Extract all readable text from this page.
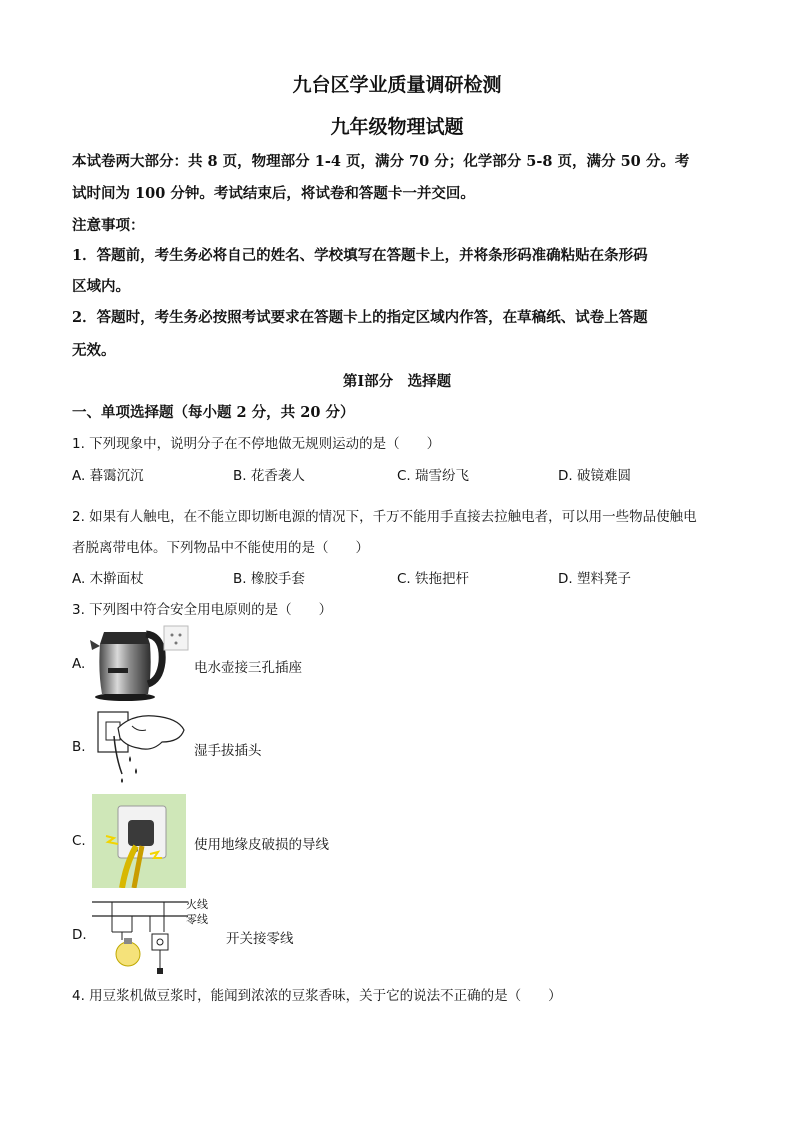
九台区学业质量调研检测
九年级物理试题
本试卷两大部分：共 8 页，物理部分 1-4 页，满分 70 分；化学部分 5-8 页，满分 50 分。考
试时间为 100 分钟。考试结束后，将试卷和答题卡一并交回。
注意事项：
1．答题前，考生务必将自己的姓名、学校填写在答题卡上，并将条形码准确粘贴在条形码
区域内。
2．答题时，考生务必按照考试要求在答题卡上的指定区域内作答，在草稿纸、试卷上答题
无效。
第Ⅰ部分　选择题
一、单项选择题（每小题 2 分，共 20 分）
1. 下列现象中，说明分子在不停地做无规则运动的是（　　）
A. 暮霭沉沉	B. 花香袭人	C. 瑞雪纷飞	D. 破镜难圆
2. 如果有人触电，在不能立即切断电源的情况下，千万不能用手直接去拉触电者，可以用一些物品使触电
者脱离带电体。下列物品中不能使用的是（　　）
A. 木擀面杖	B. 橡胶手套	C. 铁拖把杆	D. 塑料凳子
3. 下列图中符合安全用电原则的是（　　）
A.	电水壶接三孔插座
B.	湿手拔插头
C.	使用地缘皮破损的导线
D.
火线
零线
开关接零线
4. 用豆浆机做豆浆时，能闻到浓浓的豆浆香味，关于它的说法不正确的是（　　）
